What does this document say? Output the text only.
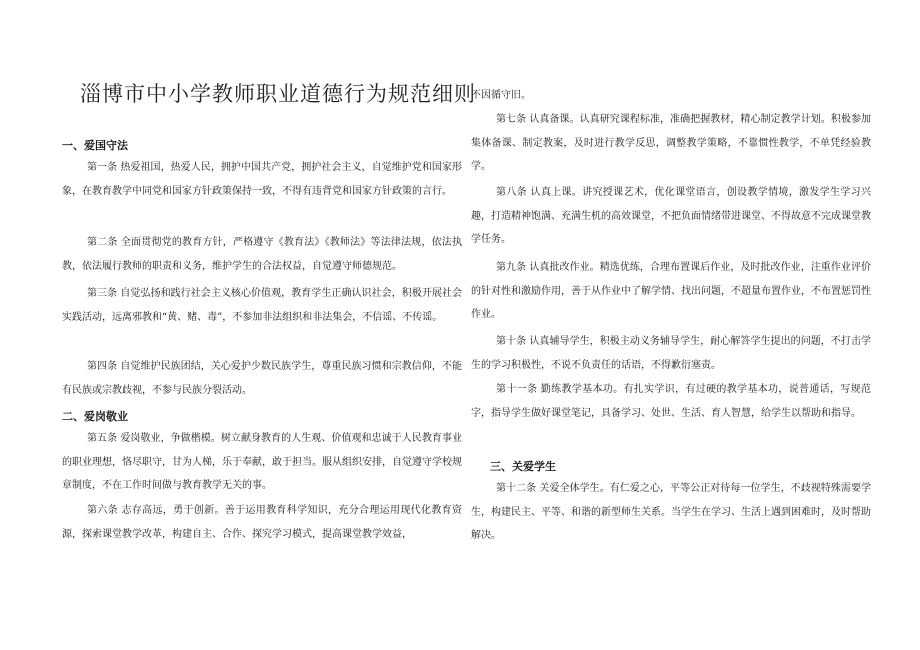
淄博市中小学教师职业道德行为规范细则
一、爱国守法

第一条 热爱祖国，热爱人民，拥护中国共产党，拥护社会主义，自觉维护党和国家形象，在教育教学中同党和国家方针政策保持一致，不得有违背党和国家方针政策的言行。

第二条 全面贯彻党的教育方针，严格遵守《教育法》《教师法》等法律法规，依法执教，依法履行教师的职责和义务，维护学生的合法权益，自觉遵守师德规范。

第三条 自觉弘扬和践行社会主义核心价值观，教育学生正确认识社会，积极开展社会实践活动，远离邪教和“黄、赌、毒”，不参加非法组织和非法集会，不信谣、不传谣。

第四条 自觉维护民族团结，关心爱护少数民族学生，尊重民族习惯和宗教信仰，不能有民族或宗教歧视，不参与民族分裂活动。

二、爱岗敬业

第五条 爱岗敬业，争做楷模。树立献身教育的人生观、价值观和忠诚于人民教育事业的职业理想，恪尽职守，甘为人梯，乐于奉献，敢于担当。服从组织安排，自觉遵守学校规章制度，不在工作时间做与教育教学无关的事。

第六条 志存高远，勇于创新。善于运用教育科学知识，充分合理运用现代化教育资源，探索课堂教学改革，构建自主、合作、探究学习模式，提高课堂教学效益，

不因循守旧。

第七条 认真备课。认真研究课程标准，准确把握教材，精心制定教学计划。积极参加集体备课、制定教案，及时进行教学反思，调整教学策略，不靠惯性教学，不单凭经验教学。

第八条 认真上课。讲究授课艺术，优化课堂语言，创设教学情境，激发学生学习兴趣，打造精神饱满、充满生机的高效课堂，不把负面情绪带进课堂、不得故意不完成课堂教学任务。

第九条 认真批改作业。精选优练，合理布置课后作业，及时批改作业，注重作业评价的针对性和激励作用，善于从作业中了解学情、找出问题，不超量布置作业，不布置惩罚性作业。

第十条 认真辅导学生，积极主动义务辅导学生，耐心解答学生提出的问题，不打击学生的学习积极性，不说不负责任的话语，不得歉衍塞责。

第十一条 勤练教学基本功。有扎实学识，有过硬的教学基本功，说普通话，写规范字，指导学生做好课堂笔记，具备学习、处世、生活、育人智慧，给学生以帮助和指导。

三、关爱学生

第十二条 关爱全体学生。有仁爱之心，平等公正对待每一位学生，不歧视特殊需要学生，构建民主、平等、和谐的新型师生关系。当学生在学习、生活上遇到困难时，及时帮助解决。
